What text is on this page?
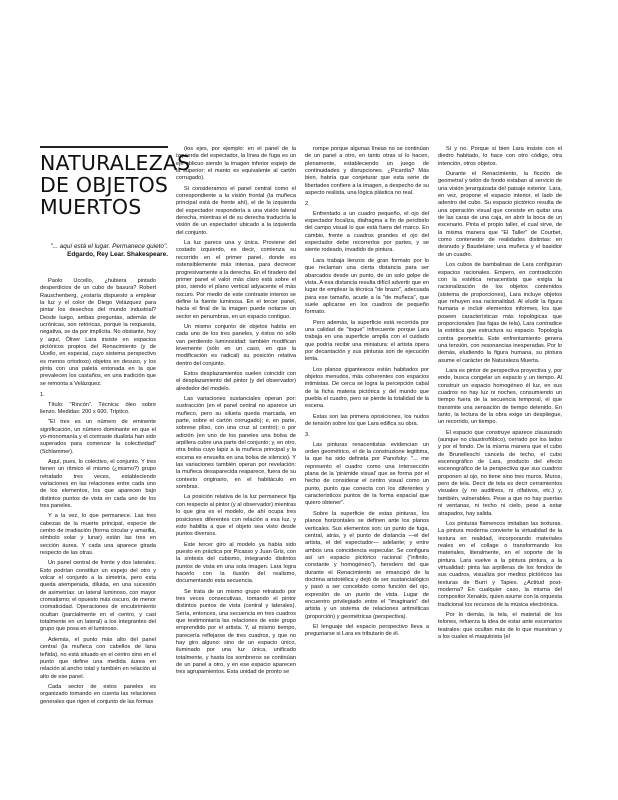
NATURALEZAS
DE OBJETOS
MUERTOS
"... aquí está el lugar. Permanece quieto".
Edgardo, Rey Lear. Shakespeare.

Paolo Uccello, ¿hubiera pintado desperdicios de un cubo de basura? Robert Rauschenberg, ¿estaría dispuesto a emplear la luz y el color de Diego Velázquez para pintar los desechos del mundo industrial? Desde luego, ambas preguntas, además de ucrónicas, son retóricas, porque la respuesta, negativa, se da por implícita. No obstante, hoy y aquí, Óliver Lara insiste en espacios pictóricos propios del Renacimiento (y de Ucello, en especial, cuyo sistema perspectivo es menos ortodoxo) objetos en desuso, y los pinta con una paleta entonada en la que prevalecen los castaños, en una tradición que se remonta a Velázquez.

1.

Título: "Rincón". Técnica: óleo sobre lienzo. Medidas: 200 x 600. Tríptico.

"El tres es un número de eminente significación, un número dominante en que el yo-monomanía y el contraste dualista han sido superados para comenzar la colectividad" (Schlammer).

Aquí, pues, lo colectivo, el conjunto. Y tres tienen un rítmico el mismo (¿mismo?) grupo retratado tres veces, estableciendo variaciones en las relaciones entre cada uno de los elementos, los que aparecen bajo distintos puntos de vista en cada uno de los tres paneles.

Y a la vez, lo que permanece. Las tres cabezas de la muerte principal, especie de centro de irradiación (forma circular y amarilla, símbolo solar y lunar) están las tres en sección áurea. Y cada una aparece girada respecto de las otras.

Un panel central de frente y dos laterales. Esto podrían constituir un espejo del otro y volcar el conjunto a la simetría, pero esta queda atemperada, diluida, en una sucesión de asimetrías: un lateral luminoso, con mayor cromatismo; el opuesto más oscuro, de menor cromaticidad. Operaciones de encubrimiento ocultan (parcialmente en el centro, y casi totalmente en un lateral) a los integrantes del grupo que posa en el luminoso.

Además, el punto más alto del panel central (la muñeca con cabellos de lana teñida), no está situado en el centro sino en el punto que define una medida áurea en relación al ancho total y también en relación al alto de ese panel.

Cada sector de estos paneles es organizado tomando en cuenta las relaciones generales que rigen el conjunto de las formas

(los ejes, por ejemplo: en el panel de la izquierda del espectador, la línea de fuga es un eje oblicuo siendo la imagen inferior espejo de la superior; el manto es equivalente al cartón corrugado).

Si consideramos el panel central como el correspondiente a la visión frontal (la muñeca principal está de frente ahí), el de la izquierda del espectador respondería a una visión lateral derecha, mientras el de su derecha traduciría la visión de un espectador ubicado a la izquierda del conjunto.

La luz parece una y única. Proviene del costado izquierdo, es decir, comienza su recorrido en el primer panel, donde es ostensiblemente más intensa, para decrecer progresivamente a la derecha. En el tiradero del primer panel el valor más claro está sobre el piso, siendo el plano vertical adyacente el más oscuro. Por medio de este contraste intenso se define la fuente luminosa. En el tercer panel, hacia el final de la imagen puede notarse un sector en penumbras, en un espacio contiguo.

Un mismo conjunto de objetos habita en cada uno de los tres paneles, y éstos no sólo van perdiendo luminosidad: también modifican levemente (sólo en un caso, en que la modificación es radical) su posición relativa dentro del conjunto.

Estos desplazamientos suelen coincidir con el desplazamiento del pintor (y del observador) alrededor del modelo.

Las variaciones sustanciales operan por: sustracción (en el panel central no aparece un muñeco, pero su silueta queda marcada, en parte, sobre el cartón corrugado); e, en parte, sobrese pliso, con una cruz al centro); o por adición (en uno de los paneles una bolsa de arpillera cubre una parte del conjunto; y, en otro, otra bolsa cuyo lapiz a la muñeca principal y la escena es envuelta en una bolsa de silencio). Y las variaciones también operan por revelación: la muñeca desaparecida reaparece, fuera de su contexto originario, en el habitáculo en sombras.

La posición relativa de la luz permanece fija con respecto al pintor (y al observador) mientras lo que gira es el modelo, de ahí ocupa tres posiciones diferentes con relación a esa luz, y esto habilita a que el objeto sea visto desde puntos diversos.

Este tercer giro al modelo ya había sido puesto en práctica por Picasso y Juan Gris, con la síntesis del cubismo, integrando distintos puntos de vista en una sola imagen. Lara logra hacerlo con la ilusión del realismo, documentando esta secuencia.

Se trata de un mismo grupo retratado por tres veces consecutivas, tomando el pintor distintos puntos de vista (central y laterales). Sería, entonces, una secuencia en tres cuadros que testimoniaría las relaciones de este grupo emprendido por el artista. Y, al mismo tiempo, parecería reflejarse de tres cuadros, y que no hay giro alguno: sino de un espacio único, iluminado por una luz única, unificado totalmente, y hasta los sombreros se continúan de un panel a otro, y en ese espacio aparecen tres agrupamientos. Esta unidad de pronto se

rompe porque algunas líneas no se continúan de un panel a otro, en tanto otras sí lo hacen, plenamente, estableciendo un juego de continuidades y disrupciones. ¿Picardía? Más bien, habría que conjeturar que esta serie de libertades confiere a la imagen, a despecho de su aspecto realista, una lógica plástica no real.

2.

Enfrentado a un cuadro pequeño, el ojo del espectador focaliza, diafragma a fin de percibirlo del campo visual lo que está fuera del marco. En cambio, frente a cuadros grandes el ojo del espectador debe recorrerlos por partes, y se siente rodeado, invadido de pintura.

Lara trabaja lienzos de gran formato por lo que reclaman una cierta distancia para ser abarcados desde un punto, de un solo golpe de vista. A esa distancia resulta difícil advertir que en lugar de emplear la técnica "de brazo", adecuada para ese tamaño, acude a la "de muñeca", que suele aplicarse en los cuadros de pequeño formato.

Pero además, la superficie está recorrida por una calidad de "toque" infrecuente porque Lara trabaja en una superficie amplia con el cuidado que podría recibir una miniatura: el artista opera por decantación y sus pinturas son de ejecución lenta.

Los planos gigantescos están habitados por objetos menudos, más coherentes con espacios intimistas. De cerca se logra la percepción cabal de la ficha materia pictórica y del mundo que puebla el cuadro, pero se pierde la totalidad de la escena.

Estas son las primera oposiciones, los nudos de tensión sobre los que Lara edifica su obra.

3.

Las pinturas renacentistas evidencian un orden geométrico, el de la construzione legittima, la que ha sido definida por Panofsky: "... me represento el cuadro como una intersección plana de la 'pirámide visual' que se forma por el hecho de considerar el centro visual como un punto, punto que conecta con los diferentes y característicos puntos de la forma espacial que quiero obtener".

Sobre la superficie de estas pinturas, los planos horizontales se definen ante los planos verticales. Sus elementos son: un punto de fuga, central, atrás, y el punto de distancia —el del artista, el del espectador— adelante; y entre ambos una coincidencia especular. Se configura así un espacio pictórico racional ("infinito, constante y homogéneo"), heredero del que durante el Renacimiento se emancipó de la doctrina aristotélica y dejó de ser sustancialógico y pasó a ser concebido como función del ojo, expresión de un punto de vista. Lugar de encuentro privilegiado entre el "imaginario" del artista y un sistema de relaciones aritméticas (proporción) y geométricas (perspectiva).

El lenguaje del espacio perspectivo lleva a preguntarse si Lara es tributario de él.

Sí y no. Porque si bien Lara insiste con el diedro habitado, lo hace con otro código, otra intención, otros objetos.

Durante el Renacimiento, la ficción de geometral y telón de fondo estaban al servicio de una visión jerarquizada del paisaje exterior. Lara, en vez, propone el espacio interior, el lado de adentro del cubo. Su espacio pictórico resulta de una operación visual que consiste en quitar una de las caras de una caja, en abrir la boca de un escenario. Pinta el propio taller, el cual sirve, de la misma manera que "El Taller" de Courbet, como contenedor de realidades distintas: en desnudo y Baudelaire; una muñeca y el basidior de un cuadro.

Los cubos de bambalinas de Lara configuran espacios racionales. Empero, en contradicción con la estética renacentista que exigía la racionalización de los objetos contenidos (sistema de proporciones), Lara incluye objetos que rehuyen esa racionalidad. Al eludir la figura humana e incluir elementos informes, los que poseen características más topológicas que proporcionales (las fajas de tela), Lara contradice la estética que estructura su espacio. Topología contra geometría. Este enfrentamiento genera una tensión, con resonancias inesperadas. Por lo demás, eludiendo la figura humana, su pintura asume el carácter de Naturaleza Muerta.

Lara es pintor de perspectiva proyectiva y, por ende, busca congelar un espacio y un tiempo. Al construir un espacio homogéneo él luz, en sus cuadros no hay luz ni noches, consumiendo un tiempo fuera de la secuencia temporal, el que transmite una sensación de tiempo detenido. En tanto, la lectura de la obra exige un despliegue, un recorrido, un tiempo.

El espacio que construye aparece clausurado (aunque no claustrofóbico), cerrado por los lados y por el fondo. De la misma manera que el cubo de Brunelleschi cancela de techo, el cubo escenográfico de Lara, producto del efecto escenográfico de la perspectiva que sus cuadros proponen al ojo, no tiene sino tres muros. Muros, pero de tela. Decir de tela es decir cerramientos visuales (y no auditivos, ni olfativos, etc.) y, también, vulnerables. Pese a que no hay puertas ni ventanas, ni techo ni cielo, pese a estar atrapados, hay salida.

Los pinturas flamencos imitaban las texturas. La pintura moderna convierte la virtualidad de la textura en realidad, incorporando materiales reales en el collage o transformando los materiales, literalmente, en el soporte de la pintura. Lara vuelve a la pintura pintura, a la virtualidad: pinta las arpilleras de los fondos de sus cuadros, visualiza por medios pictóricos las texturas de Burri y Tapies. ¿Actitud post-moderna? En cualquier caso, la misma del compositor Xenakis, quien asume con la orquesta tradicional los recursos de la música electrónica.

Por lo demás, la tela, el material de los telones, refuerza la idea de estar ante escenarios teatrales: que ocultan más de lo que muestran y a los cuales el maquinista (el
